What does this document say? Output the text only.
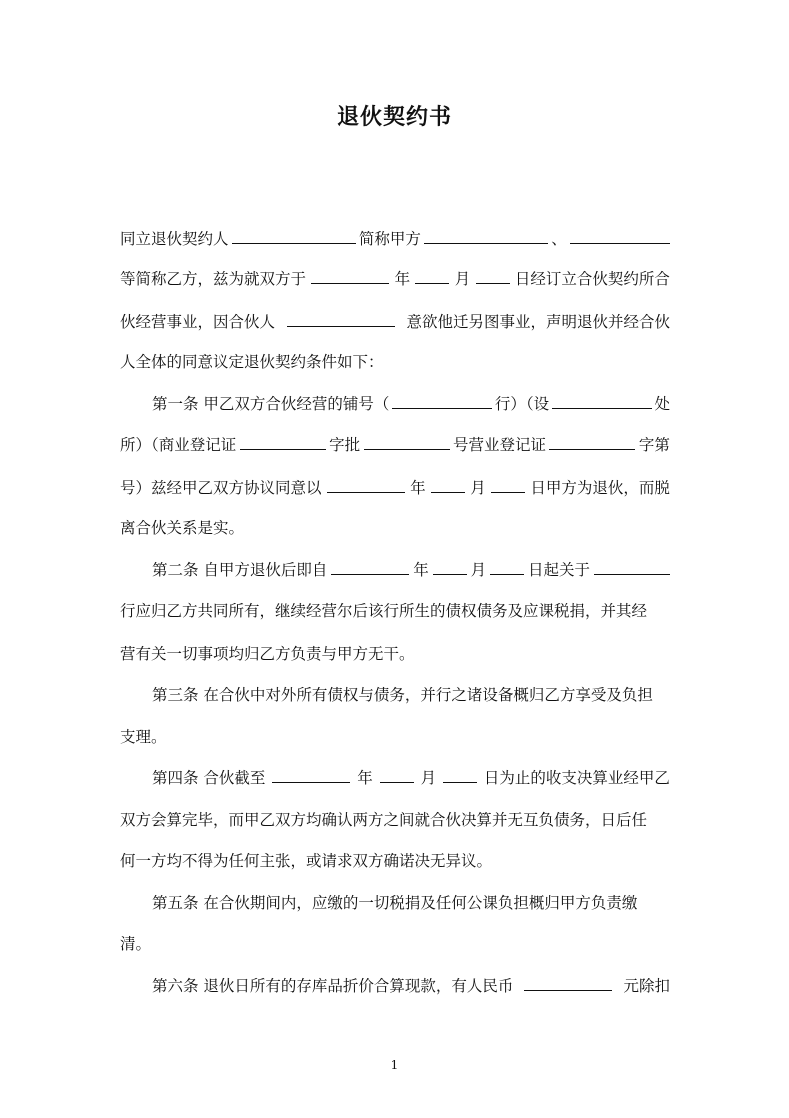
退伙契约书
同立退伙契约人	简称甲方	、
等简称乙方，兹为就双方于	年	月	日经订立合伙契约所合
伙经营事业，因合伙人	意欲他迁另图事业，声明退伙并经合伙
人全体的同意议定退伙契约条件如下：
第一条 甲乙双方合伙经营的铺号（	行）（设	处
所）（商业登记证	字批	号营业登记证	字第
号）兹经甲乙双方协议同意以	年	月	日甲方为退伙，而脱
离合伙关系是实。
第二条 自甲方退伙后即自	年	月	日起关于
行应归乙方共同所有，继续经营尔后该行所生的债权债务及应课税捐，并其经
营有关一切事项均归乙方负责与甲方无干。
第三条 在合伙中对外所有债权与债务，并行之诸设备概归乙方享受及负担
支理。
第四条 合伙截至	年	月	日为止的收支决算业经甲乙
双方会算完毕，而甲乙双方均确认两方之间就合伙决算并无互负债务，日后任
何一方均不得为任何主张，或请求双方确诺决无异议。
第五条 在合伙期间内，应缴的一切税捐及任何公课负担概归甲方负责缴
清。
第六条 退伙日所有的存库品折价合算现款，有人民币	元除扣
1
